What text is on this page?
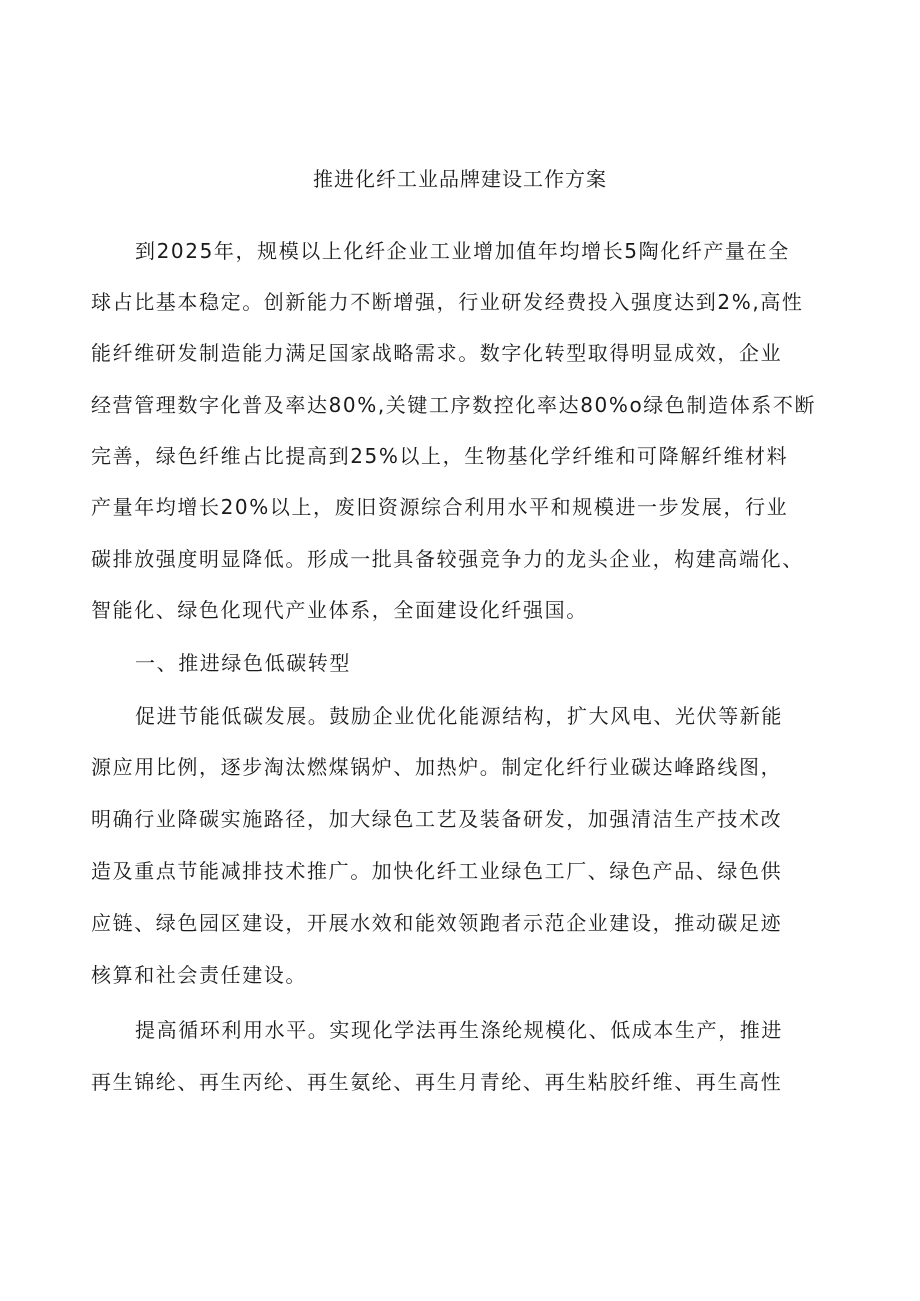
推进化纤工业品牌建设工作方案
到2025年，规模以上化纤企业工业增加值年均增长5陶化纤产量在全
球占比基本稳定。创新能力不断增强，行业研发经费投入强度达到2%,高性
能纤维研发制造能力满足国家战略需求。数字化转型取得明显成效，企业
经营管理数字化普及率达80%,关键工序数控化率达80%o绿色制造体系不断
完善，绿色纤维占比提高到25%以上，生物基化学纤维和可降解纤维材料
产量年均增长20%以上，废旧资源综合利用水平和规模进一步发展，行业
碳排放强度明显降低。形成一批具备较强竞争力的龙头企业，构建高端化、
智能化、绿色化现代产业体系，全面建设化纤强国。
一、推进绿色低碳转型
促进节能低碳发展。鼓励企业优化能源结构，扩大风电、光伏等新能
源应用比例，逐步淘汰燃煤锅炉、加热炉。制定化纤行业碳达峰路线图，
明确行业降碳实施路径，加大绿色工艺及装备研发，加强清洁生产技术改
造及重点节能减排技术推广。加快化纤工业绿色工厂、绿色产品、绿色供
应链、绿色园区建设，开展水效和能效领跑者示范企业建设，推动碳足迹
核算和社会责任建设。
提高循环利用水平。实现化学法再生涤纶规模化、低成本生产，推进
再生锦纶、再生丙纶、再生氨纶、再生月青纶、再生粘胶纤维、再生高性
